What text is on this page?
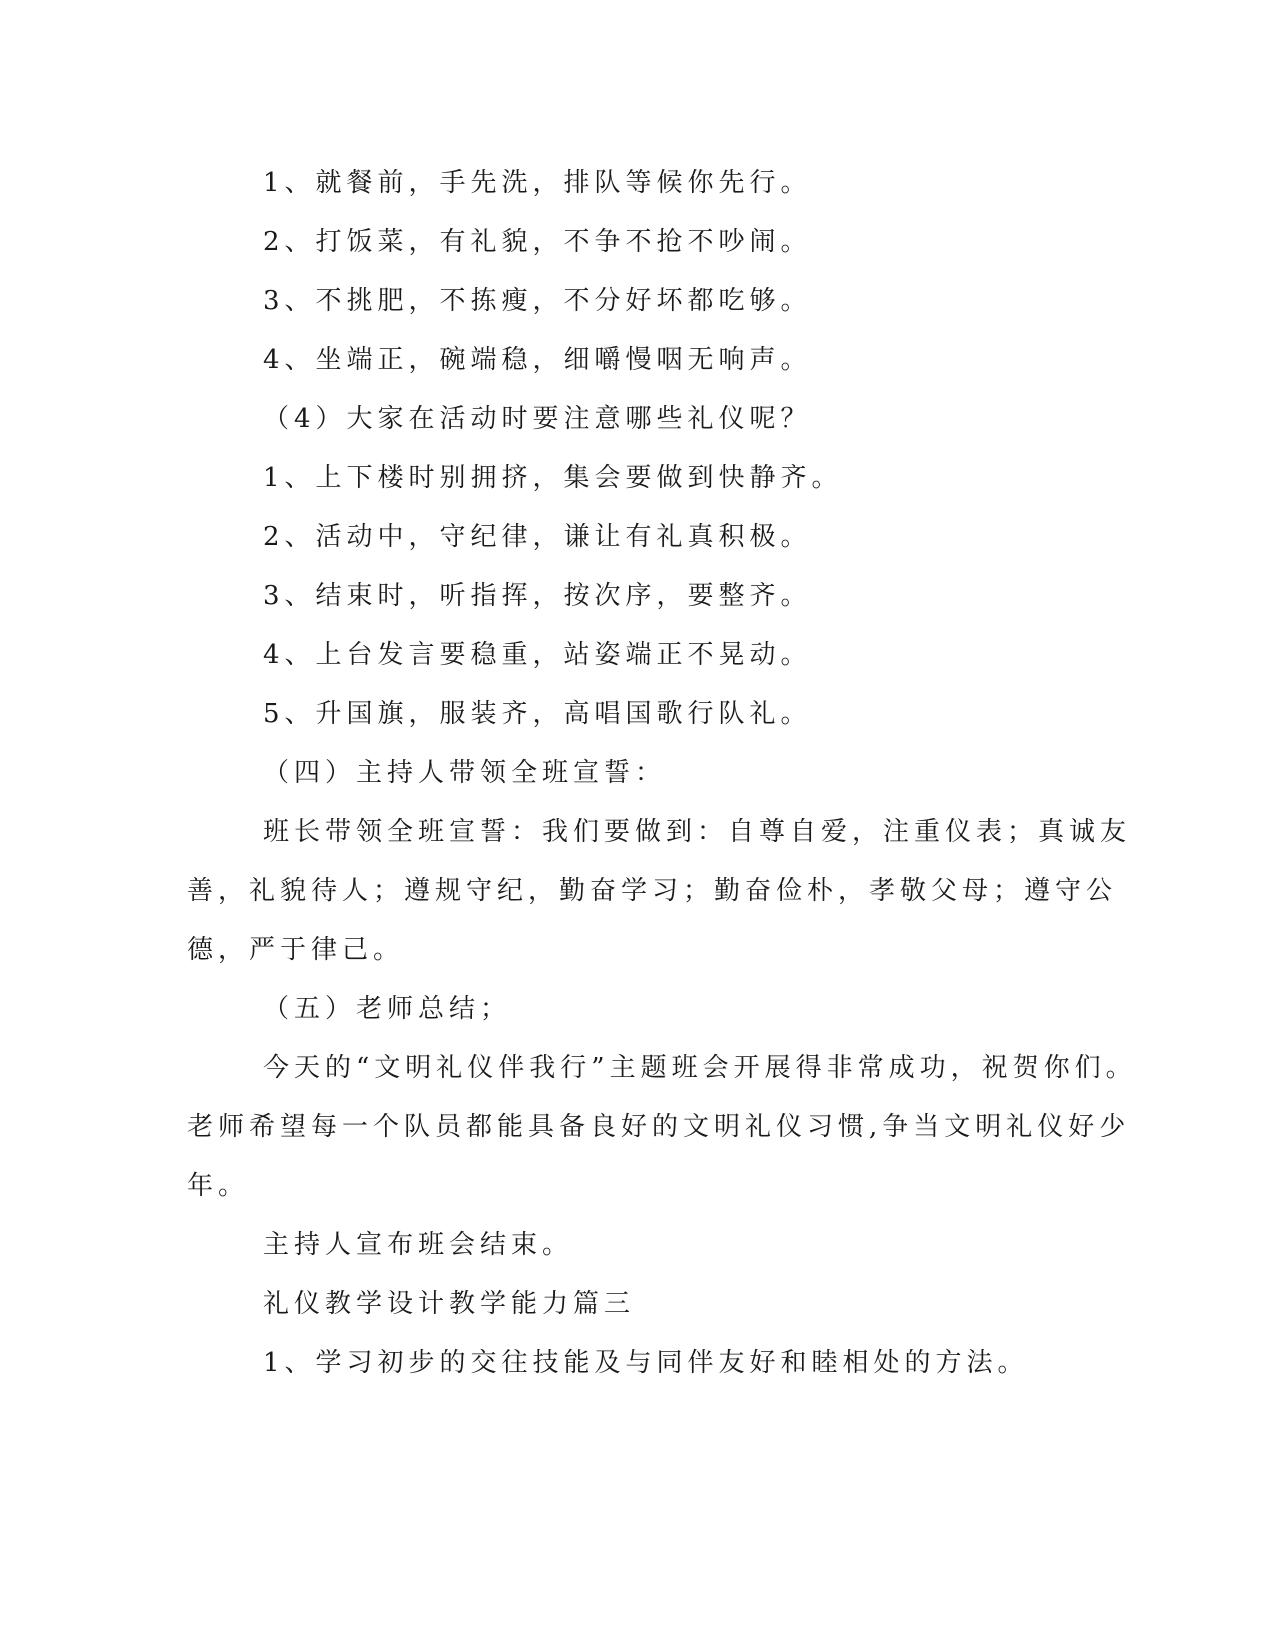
1、就餐前，手先洗，排队等候你先行。
2、打饭菜，有礼貌，不争不抢不吵闹。
3、不挑肥，不拣瘦，不分好坏都吃够。
4、坐端正，碗端稳，细嚼慢咽无响声。
（4）大家在活动时要注意哪些礼仪呢？
1、上下楼时别拥挤，集会要做到快静齐。
2、活动中，守纪律，谦让有礼真积极。
3、结束时，听指挥，按次序，要整齐。
4、上台发言要稳重，站姿端正不晃动。
5、升国旗，服装齐，高唱国歌行队礼。
（四）主持人带领全班宣誓：
班长带领全班宣誓：我们要做到：自尊自爱，注重仪表；真诚友
善，礼貌待人；遵规守纪，勤奋学习；勤奋俭朴，孝敬父母；遵守公
德，严于律己。
（五）老师总结；
今天的“文明礼仪伴我行”主题班会开展得非常成功，祝贺你们。
老师希望每一个队员都能具备良好的文明礼仪习惯,争当文明礼仪好少
年。
主持人宣布班会结束。
礼仪教学设计教学能力篇三
1、学习初步的交往技能及与同伴友好和睦相处的方法。
